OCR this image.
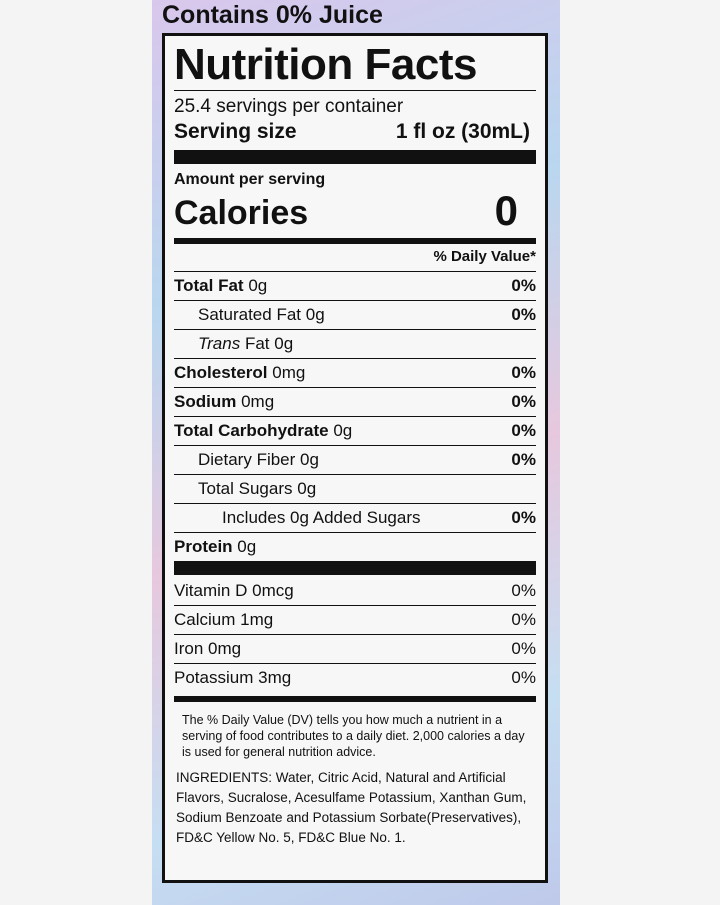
Contains 0% Juice
Nutrition Facts
25.4 servings per container
Serving size	1 fl oz (30mL)
Amount per serving
Calories	0
% Daily Value*
Total Fat 0g	0%
Saturated Fat 0g	0%
Trans Fat 0g
Cholesterol 0mg	0%
Sodium 0mg	0%
Total Carbohydrate 0g	0%
Dietary Fiber 0g	0%
Total Sugars 0g
Includes 0g Added Sugars	0%
Protein 0g
Vitamin D 0mcg	0%
Calcium 1mg	0%
Iron 0mg	0%
Potassium 3mg	0%
The % Daily Value (DV) tells you how much a nutrient in a serving of food contributes to a daily diet. 2,000 calories a day is used for general nutrition advice.
INGREDIENTS: Water, Citric Acid, Natural and Artificial Flavors, Sucralose, Acesulfame Potassium, Xanthan Gum, Sodium Benzoate and Potassium Sorbate(Preservatives), FD&C Yellow No. 5, FD&C Blue No. 1.
